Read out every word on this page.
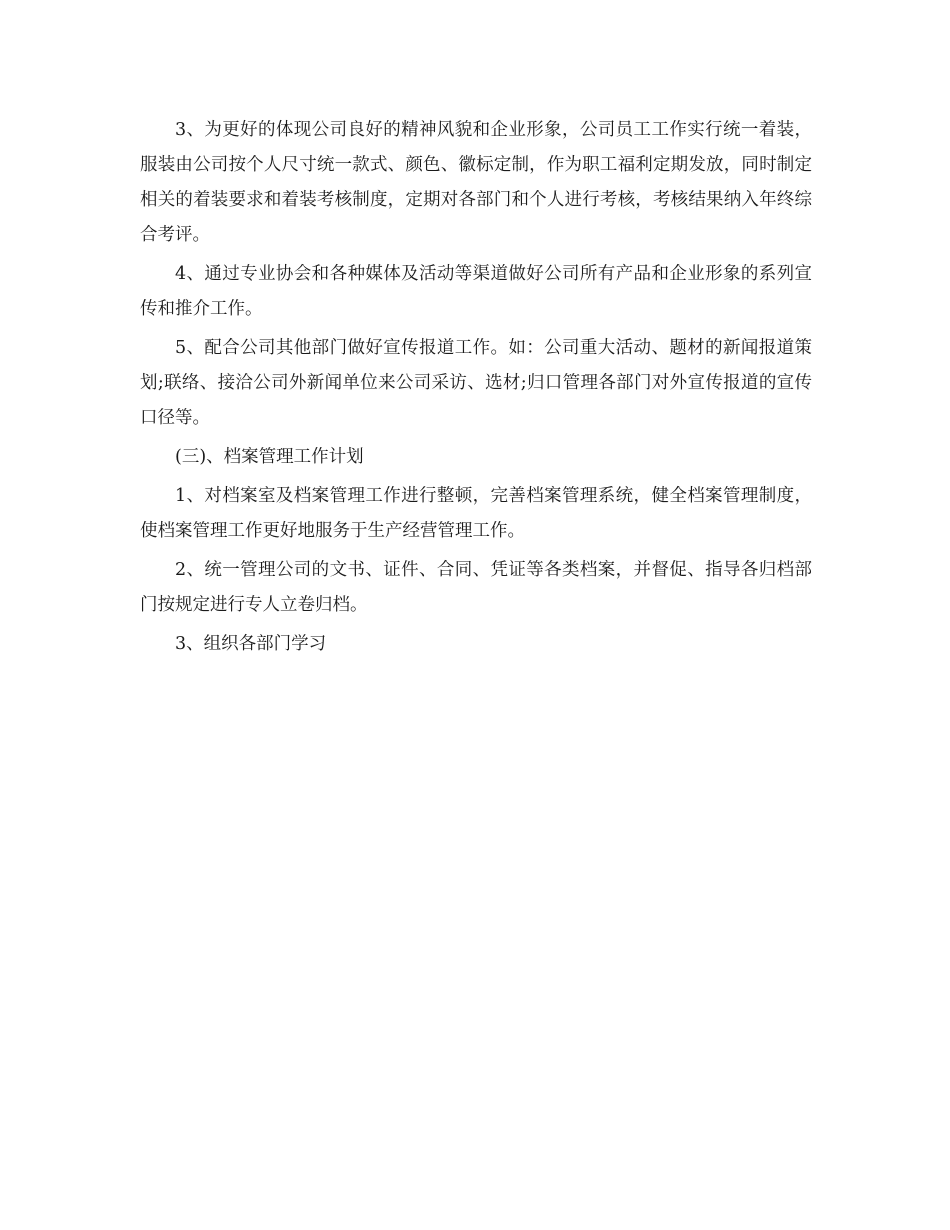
3、为更好的体现公司良好的精神风貌和企业形象，公司员工工作实行统一着装，服装由公司按个人尺寸统一款式、颜色、徽标定制，作为职工福利定期发放，同时制定相关的着装要求和着装考核制度，定期对各部门和个人进行考核，考核结果纳入年终综合考评。

4、通过专业协会和各种媒体及活动等渠道做好公司所有产品和企业形象的系列宣传和推介工作。

5、配合公司其他部门做好宣传报道工作。如：公司重大活动、题材的新闻报道策划;联络、接洽公司外新闻单位来公司采访、选材;归口管理各部门对外宣传报道的宣传口径等。

(三)、档案管理工作计划

1、对档案室及档案管理工作进行整顿，完善档案管理系统，健全档案管理制度，使档案管理工作更好地服务于生产经营管理工作。

2、统一管理公司的文书、证件、合同、凭证等各类档案，并督促、指导各归档部门按规定进行专人立卷归档。

3、组织各部门学习
